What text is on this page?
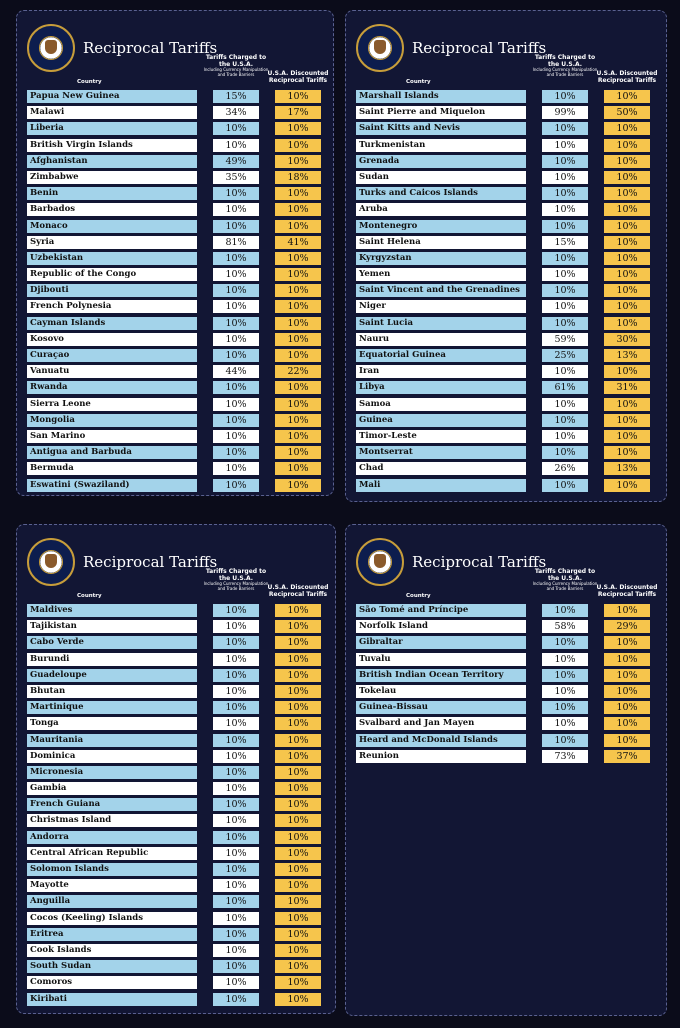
Reciprocal Tariffs
Country
Tariffs Charged to the U.S.A.
Including Currency Manipulation and Trade Barriers	U.S.A. Discounted Reciprocal Tariffs
Papua New Guinea	15%	10%
Malawi	34%	17%
Liberia	10%	10%
British Virgin Islands	10%	10%
Afghanistan	49%	10%
Zimbabwe	35%	18%
Benin	10%	10%
Barbados	10%	10%
Monaco	10%	10%
Syria	81%	41%
Uzbekistan	10%	10%
Republic of the Congo	10%	10%
Djibouti	10%	10%
French Polynesia	10%	10%
Cayman Islands	10%	10%
Kosovo	10%	10%
Curaçao	10%	10%
Vanuatu	44%	22%
Rwanda	10%	10%
Sierra Leone	10%	10%
Mongolia	10%	10%
San Marino	10%	10%
Antigua and Barbuda	10%	10%
Bermuda	10%	10%
Eswatini (Swaziland)	10%	10%
Reciprocal Tariffs
Country
Tariffs Charged to the U.S.A.
Including Currency Manipulation and Trade Barriers	U.S.A. Discounted Reciprocal Tariffs
Marshall Islands	10%	10%
Saint Pierre and Miquelon	99%	50%
Saint Kitts and Nevis	10%	10%
Turkmenistan	10%	10%
Grenada	10%	10%
Sudan	10%	10%
Turks and Caicos Islands	10%	10%
Aruba	10%	10%
Montenegro	10%	10%
Saint Helena	15%	10%
Kyrgyzstan	10%	10%
Yemen	10%	10%
Saint Vincent and the Grenadines	10%	10%
Niger	10%	10%
Saint Lucia	10%	10%
Nauru	59%	30%
Equatorial Guinea	25%	13%
Iran	10%	10%
Libya	61%	31%
Samoa	10%	10%
Guinea	10%	10%
Timor-Leste	10%	10%
Montserrat	10%	10%
Chad	26%	13%
Mali	10%	10%
Reciprocal Tariffs
Country
Tariffs Charged to the U.S.A.
Including Currency Manipulation and Trade Barriers	U.S.A. Discounted Reciprocal Tariffs
Maldives	10%	10%
Tajikistan	10%	10%
Cabo Verde	10%	10%
Burundi	10%	10%
Guadeloupe	10%	10%
Bhutan	10%	10%
Martinique	10%	10%
Tonga	10%	10%
Mauritania	10%	10%
Dominica	10%	10%
Micronesia	10%	10%
Gambia	10%	10%
French Guiana	10%	10%
Christmas Island	10%	10%
Andorra	10%	10%
Central African Republic	10%	10%
Solomon Islands	10%	10%
Mayotte	10%	10%
Anguilla	10%	10%
Cocos (Keeling) Islands	10%	10%
Eritrea	10%	10%
Cook Islands	10%	10%
South Sudan	10%	10%
Comoros	10%	10%
Kiribati	10%	10%
Reciprocal Tariffs
Country
Tariffs Charged to the U.S.A.
Including Currency Manipulation and Trade Barriers	U.S.A. Discounted Reciprocal Tariffs
São Tomé and Príncipe	10%	10%
Norfolk Island	58%	29%
Gibraltar	10%	10%
Tuvalu	10%	10%
British Indian Ocean Territory	10%	10%
Tokelau	10%	10%
Guinea-Bissau	10%	10%
Svalbard and Jan Mayen	10%	10%
Heard and McDonald Islands	10%	10%
Reunion	73%	37%
